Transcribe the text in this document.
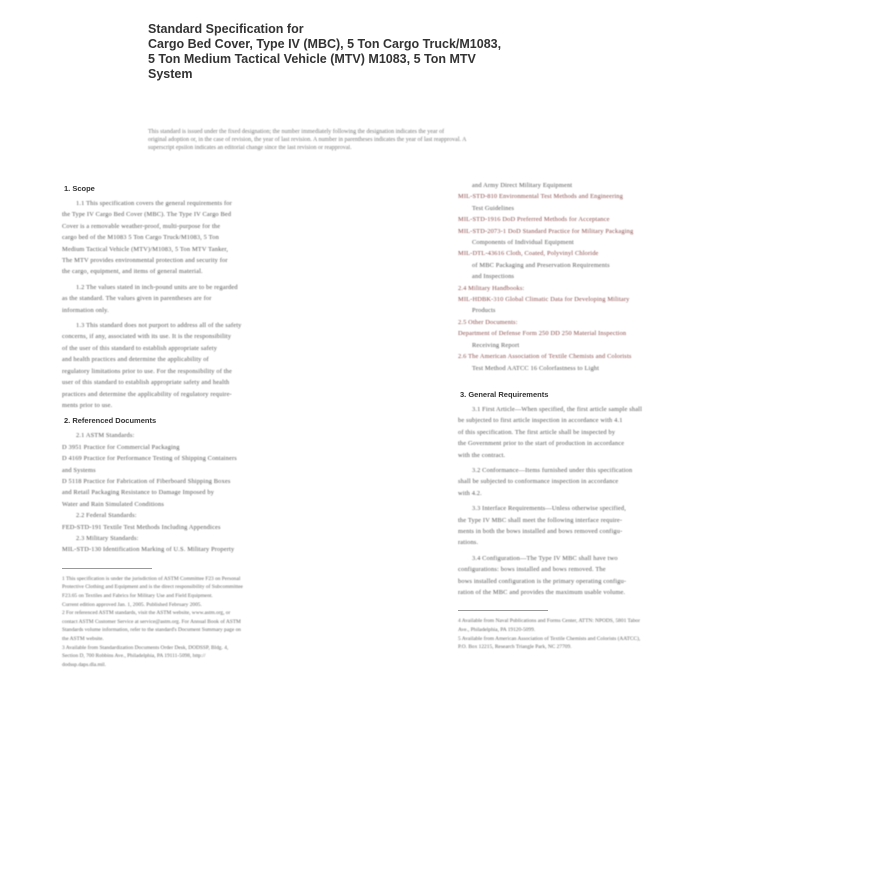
Standard Specification for
Cargo Bed Cover, Type IV (MBC), 5 Ton Cargo Truck/M1083,
5 Ton Medium Tactical Vehicle (MTV) M1083, 5 Ton MTV
System
This standard is issued under the fixed designation; the number immediately following the designation indicates the year of
original adoption or, in the case of revision, the year of last revision. A number in parentheses indicates the year of last reapproval. A
superscript epsilon indicates an editorial change since the last revision or reapproval.
1. Scope
1.1 This specification covers the general requirements for
the Type IV Cargo Bed Cover (MBC). The Type IV Cargo Bed
Cover is a removable weather-proof, multi-purpose for the
cargo bed of the M1083 5 Ton Cargo Truck/M1083, 5 Ton
Medium Tactical Vehicle (MTV)/M1083, 5 Ton MTV Tanker,
The MTV provides environmental protection and security for
the cargo, equipment, and items of general material.
1.2 The values stated in inch-pound units are to be regarded
as the standard. The values given in parentheses are for
information only.
1.3 This standard does not purport to address all of the safety
concerns, if any, associated with its use. It is the responsibility
of the user of this standard to establish appropriate safety
and health practices and determine the applicability of
regulatory limitations prior to use. For the responsibility of the
user of this standard to establish appropriate safety and health
practices and determine the applicability of regulatory require-
ments prior to use.
2. Referenced Documents
2.1 ASTM Standards:
D 3951 Practice for Commercial Packaging
D 4169 Practice for Performance Testing of Shipping Containers
and Systems
D 5118 Practice for Fabrication of Fiberboard Shipping Boxes
and Retail Packaging Resistance to Damage Imposed by
Water and Rain Simulated Conditions
2.2 Federal Standards:
FED-STD-191 Textile Test Methods Including Appendices
2.3 Military Standards:
MIL-STD-130 Identification Marking of U.S. Military Property
1 This specification is under the jurisdiction of ASTM Committee F23 on Personal
Protective Clothing and Equipment and is the direct responsibility of Subcommittee
F23.65 on Textiles and Fabrics for Military Use and Field Equipment.
Current edition approved Jan. 1, 2005. Published February 2005.
2 For referenced ASTM standards, visit the ASTM website, www.astm.org, or
contact ASTM Customer Service at service@astm.org. For Annual Book of ASTM
Standards volume information, refer to the standard's Document Summary page on
the ASTM website.
3 Available from Standardization Documents Order Desk, DODSSP, Bldg. 4,
Section D, 700 Robbins Ave., Philadelphia, PA 19111-5098, http://
dodssp.daps.dla.mil.
and Army Direct Military Equipment
MIL-STD-810 Environmental Test Methods and Engineering
Test Guidelines
MIL-STD-1916 DoD Preferred Methods for Acceptance
MIL-STD-2073-1 DoD Standard Practice for Military Packaging
Components of Individual Equipment
MIL-DTL-43616 Cloth, Coated, Polyvinyl Chloride
of MBC Packaging and Preservation Requirements
and Inspections
2.4 Military Handbooks:
MIL-HDBK-310 Global Climatic Data for Developing Military
Products
2.5 Other Documents:
Department of Defense Form 250 DD 250 Material Inspection
Receiving Report
2.6 The American Association of Textile Chemists and Colorists
Test Method AATCC 16 Colorfastness to Light
3. General Requirements
3.1 First Article—When specified, the first article sample shall
be subjected to first article inspection in accordance with 4.1
of this specification. The first article shall be inspected by
the Government prior to the start of production in accordance
with the contract.
3.2 Conformance—Items furnished under this specification
shall be subjected to conformance inspection in accordance
with 4.2.
3.3 Interface Requirements—Unless otherwise specified,
the Type IV MBC shall meet the following interface require-
ments in both the bows installed and bows removed configu-
rations.
3.4 Configuration—The Type IV MBC shall have two
configurations: bows installed and bows removed. The
bows installed configuration is the primary operating configu-
ration of the MBC and provides the maximum usable volume.
4 Available from Naval Publications and Forms Center, ATTN: NPODS, 5801 Tabor
Ave., Philadelphia, PA 19120-5099.
5 Available from American Association of Textile Chemists and Colorists (AATCC),
P.O. Box 12215, Research Triangle Park, NC 27709.
